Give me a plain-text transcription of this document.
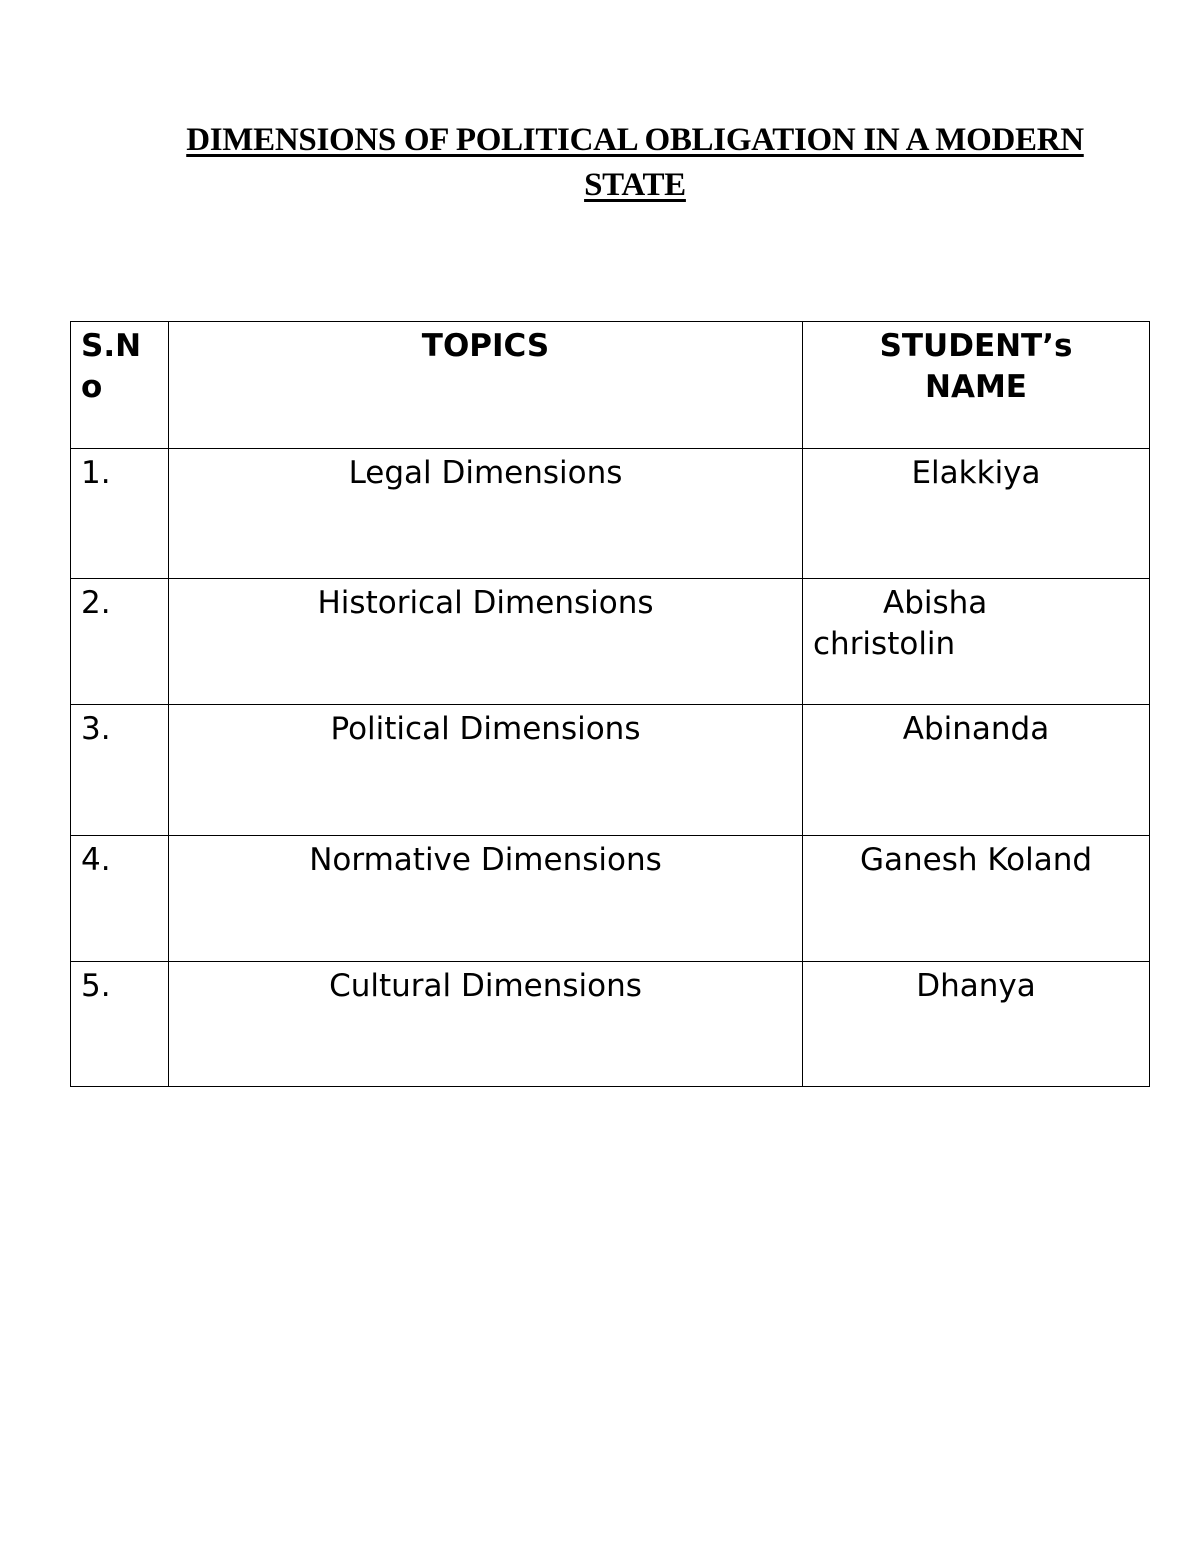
DIMENSIONS OF POLITICAL OBLIGATION IN A MODERN
STATE
S.No	TOPICS	STUDENT’s
NAME

1.	Legal Dimensions	Elakkiya
2.	Historical Dimensions	Abisha
christolin

3.	Political Dimensions	Abinanda
4.	Normative Dimensions	Ganesh Koland
5.	Cultural Dimensions	Dhanya
